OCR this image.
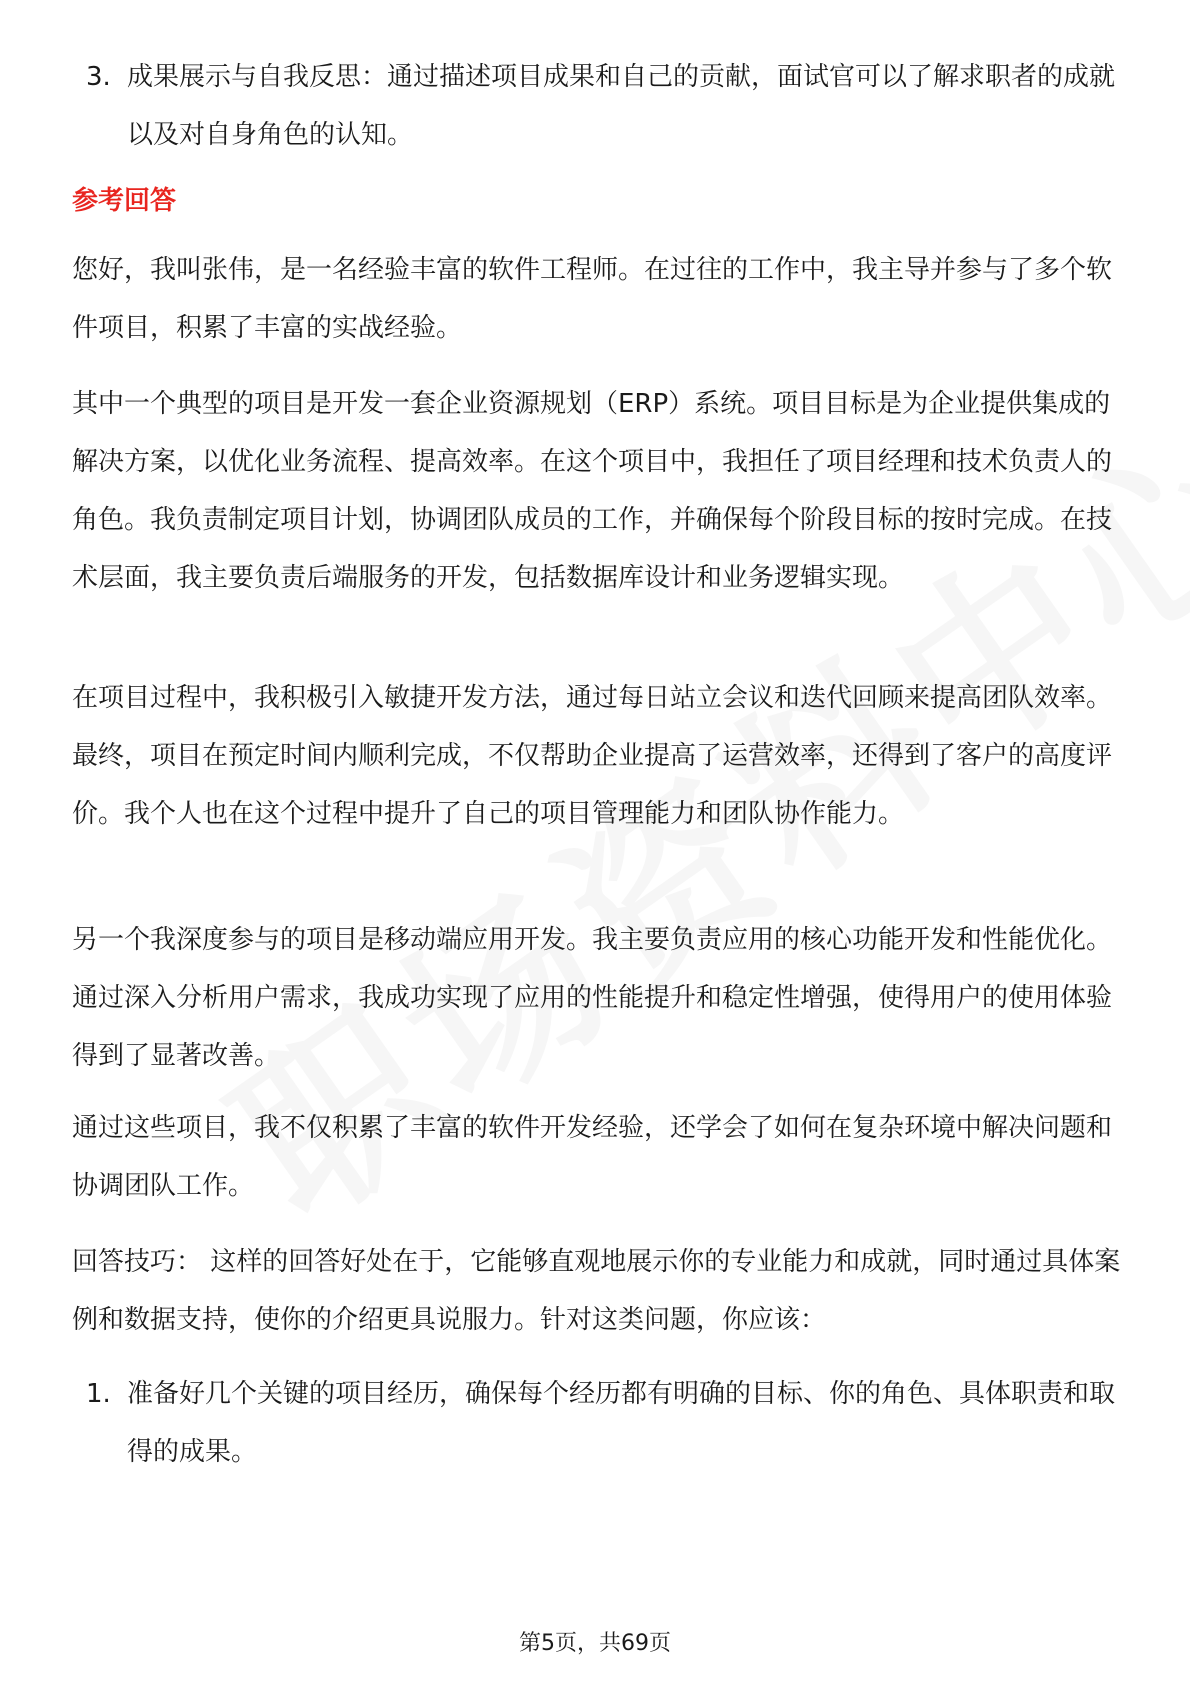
3. 成果展示与自我反思：通过描述项目成果和自己的贡献，面试官可以了解求职者的成就以及对自身角色的认知。
参考回答

您好，我叫张伟，是一名经验丰富的软件工程师。在过往的工作中，我主导并参与了多个软件项目，积累了丰富的实战经验。

其中一个典型的项目是开发一套企业资源规划（ERP）系统。项目目标是为企业提供集成的解决方案，以优化业务流程、提高效率。在这个项目中，我担任了项目经理和技术负责人的角色。我负责制定项目计划，协调团队成员的工作，并确保每个阶段目标的按时完成。在技术层面，我主要负责后端服务的开发，包括数据库设计和业务逻辑实现。

在项目过程中，我积极引入敏捷开发方法，通过每日站立会议和迭代回顾来提高团队效率。最终，项目在预定时间内顺利完成，不仅帮助企业提高了运营效率，还得到了客户的高度评价。我个人也在这个过程中提升了自己的项目管理能力和团队协作能力。

另一个我深度参与的项目是移动端应用开发。我主要负责应用的核心功能开发和性能优化。通过深入分析用户需求，我成功实现了应用的性能提升和稳定性增强，使得用户的使用体验得到了显著改善。

通过这些项目，我不仅积累了丰富的软件开发经验，还学会了如何在复杂环境中解决问题和协调团队工作。

回答技巧： 这样的回答好处在于，它能够直观地展示你的专业能力和成就，同时通过具体案例和数据支持，使你的介绍更具说服力。针对这类问题，你应该：

1. 准备好几个关键的项目经历，确保每个经历都有明确的目标、你的角色、具体职责和取得的成果。
第5页，共69页
